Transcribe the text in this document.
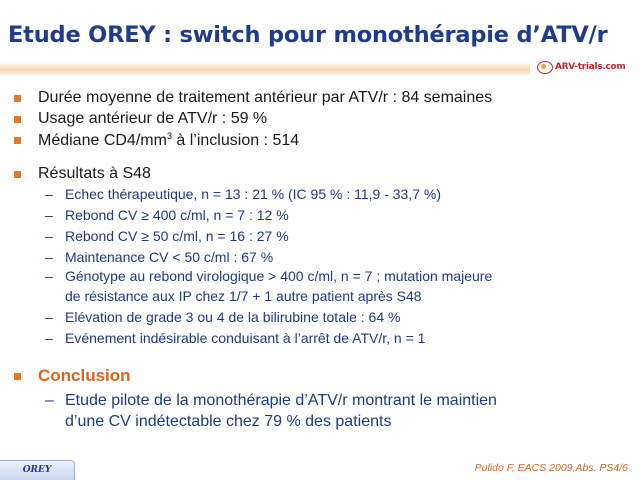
Etude OREY : switch pour monothérapie d’ATV/r
ARV-trials.com
Durée moyenne de traitement antérieur par ATV/r : 84 semaines
Usage antérieur de ATV/r : 59 %
Médiane $CD4/mm^3$ à l’inclusion : 514
Résultats à S48
– Echec thérapeutique, n = 13 : 21 % (IC 95 % : 11,9 - 33,7 %)
– Rebond CV ≥ 400 c/ml, n = 7 : 12 %
– Rebond CV ≥ 50 c/ml, n = 16 : 27 %
– Maintenance CV < 50 c/ml : 67 %
– Génotype au rebond virologique > 400 c/ml, n = 7 ; mutation majeure
de résistance aux IP chez 1/7 + 1 autre patient après S48
– Elévation de grade 3 ou 4 de la bilirubine totale : 64 %
– Evénement indésirable conduisant à l’arrêt de ATV/r, n = 1
Conclusion
– Etude pilote de la monothérapie d’ATV/r montrant le maintien
d’une CV indétectable chez 79 % des patients
OREY	Pulido F, EACS 2009,Abs. PS4/6
